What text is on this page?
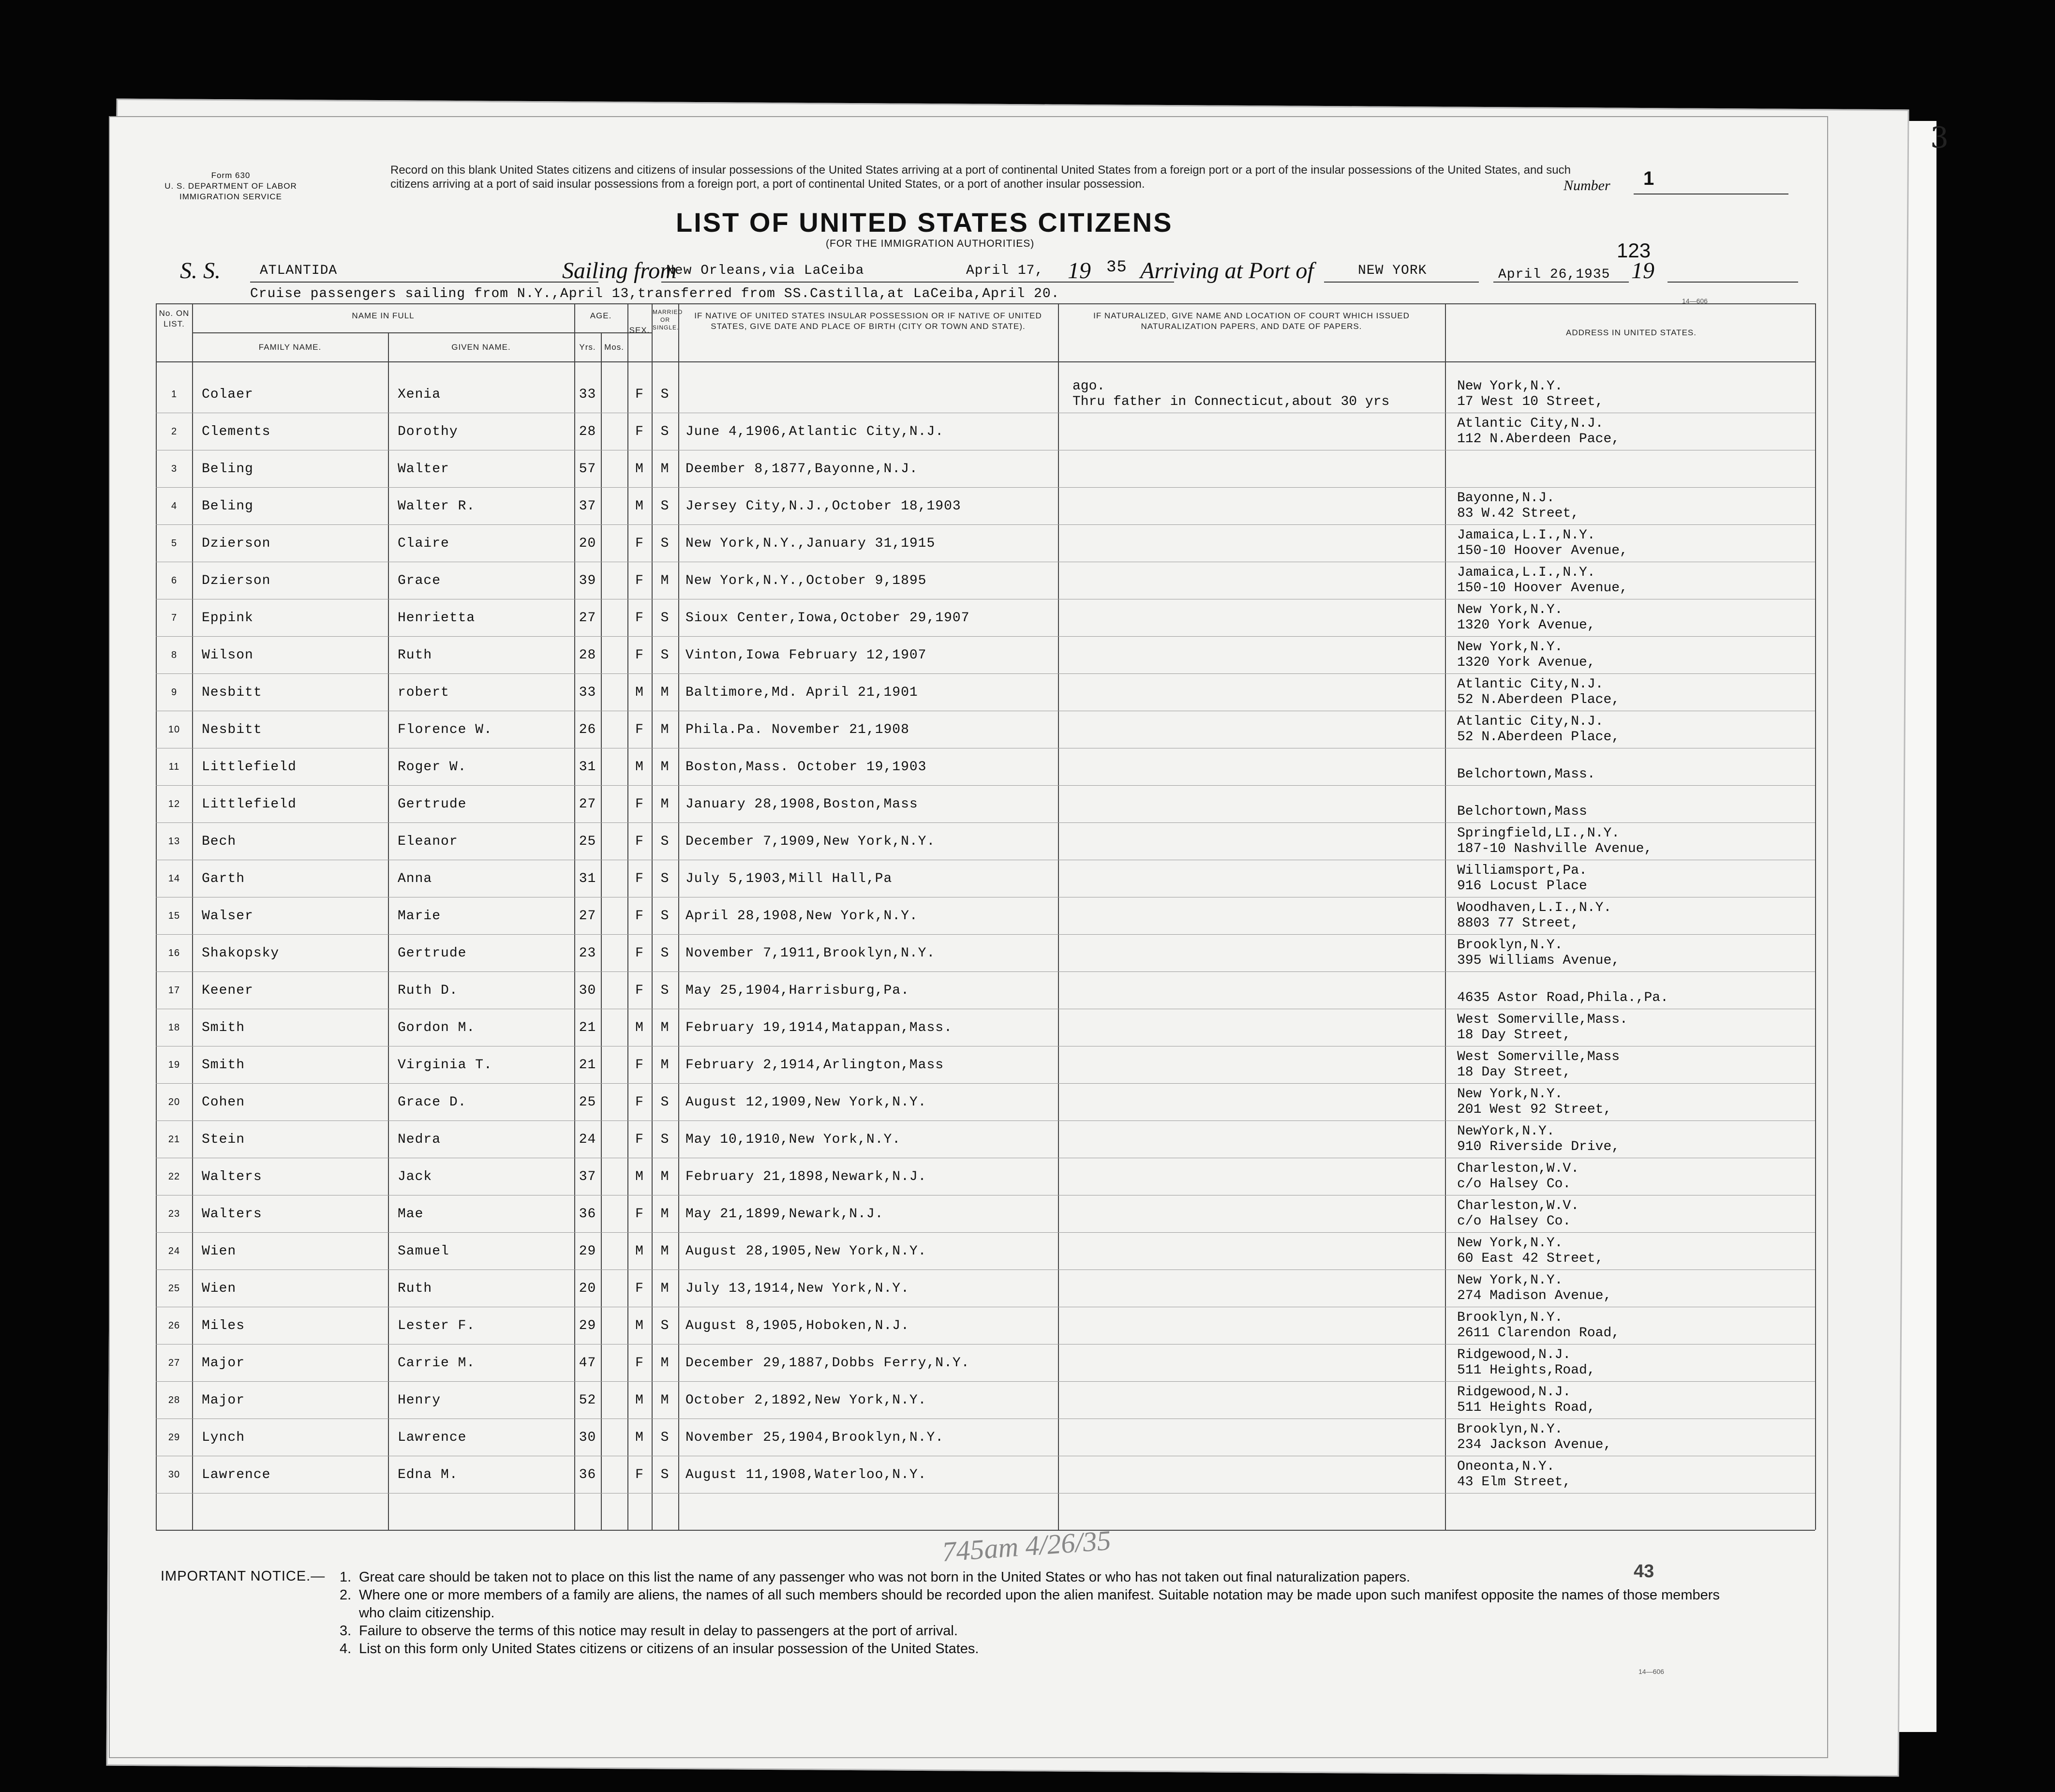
3
Form 630
U. S. DEPARTMENT OF LABOR
IMMIGRATION SERVICE
Record on this blank United States citizens and citizens of insular possessions of the United States arriving at a port of continental United States from a foreign port or a port of the insular possessions of the United States, and such citizens arriving at a port of said insular possessions from a foreign port, a port of continental United States, or a port of another insular possession.	Number 1
LIST OF UNITED STATES CITIZENS
(FOR THE IMMIGRATION AUTHORITIES)	123
S. S.	ATLANTIDA	Sailing from
New Orleans,via LaCeiba	April 17, 19 35 Arriving at Port of	NEW YORK	April 26,1935 19
Cruise passengers sailing from N.Y.,April 13,transferred from SS.Castilla,at LaCeiba,April 20.	14—606
No. ON LIST.
NAME IN FULL
FAMILY NAME.	GIVEN NAME.
AGE.
Yrs.	Mos.
SEX.
MARRIED OR SINGLE.
IF NATIVE OF UNITED STATES INSULAR POSSESSION OR IF NATIVE OF UNITED STATES, GIVE DATE AND PLACE OF BIRTH (CITY OR TOWN AND STATE).
IF NATURALIZED, GIVE NAME AND LOCATION OF COURT WHICH ISSUED NATURALIZATION PAPERS, AND DATE OF PAPERS.
ADDRESS IN UNITED STATES.
1	Colaer	Xenia	33	F	S
ago.
Thru father in Connecticut,about 30 yrs
New York,N.Y.
17 West 10 Street,
2	Clements	Dorothy	28	F	S	June 4,1906,Atlantic City,N.J.
Atlantic City,N.J.
112 N.Aberdeen Pace,
3	Beling	Walter	57	M	M	Deember 8,1877,Bayonne,N.J.
4	Beling	Walter R.	37	M	S	Jersey City,N.J.,October 18,1903
Bayonne,N.J.
83 W.42 Street,
5	Dzierson	Claire	20	F	S	New York,N.Y.,January 31,1915
Jamaica,L.I.,N.Y.
150-10 Hoover Avenue,
6	Dzierson	Grace	39	F	M	New York,N.Y.,October 9,1895
Jamaica,L.I.,N.Y.
150-10 Hoover Avenue,
7	Eppink	Henrietta	27	F	S	Sioux Center,Iowa,October 29,1907
New York,N.Y.
1320 York Avenue,
8	Wilson	Ruth	28	F	S	Vinton,Iowa February 12,1907
New York,N.Y.
1320 York Avenue,
9	Nesbitt	robert	33	M	M	Baltimore,Md. April 21,1901
Atlantic City,N.J.
52 N.Aberdeen Place,
10	Nesbitt	Florence W.	26	F	M	Phila.Pa. November 21,1908
Atlantic City,N.J.
52 N.Aberdeen Place,
11	Littlefield	Roger W.	31	M	M	Boston,Mass. October 19,1903	Belchortown,Mass.
12	Littlefield	Gertrude	27	F	M	January 28,1908,Boston,Mass	Belchortown,Mass
13	Bech	Eleanor	25	F	S	December 7,1909,New York,N.Y.
Springfield,LI.,N.Y.
187-10 Nashville Avenue,
14	Garth	Anna	31	F	S	July 5,1903,Mill Hall,Pa
Williamsport,Pa.
916 Locust Place
15	Walser	Marie	27	F	S	April 28,1908,New York,N.Y.
Woodhaven,L.I.,N.Y.
8803 77 Street,
16	Shakopsky	Gertrude	23	F	S	November 7,1911,Brooklyn,N.Y.
Brooklyn,N.Y.
395 Williams Avenue,
17	Keener	Ruth D.	30	F	S	May 25,1904,Harrisburg,Pa.	4635 Astor Road,Phila.,Pa.
18	Smith	Gordon M.	21	M	M	February 19,1914,Matappan,Mass.
West Somerville,Mass.
18 Day Street,
19	Smith	Virginia T.	21	F	M	February 2,1914,Arlington,Mass
West Somerville,Mass
18 Day Street,
20	Cohen	Grace D.	25	F	S	August 12,1909,New York,N.Y.
New York,N.Y.
201 West 92 Street,
21	Stein	Nedra	24	F	S	May 10,1910,New York,N.Y.
NewYork,N.Y.
910 Riverside Drive,
22	Walters	Jack	37	M	M	February 21,1898,Newark,N.J.
Charleston,W.V.
c/o Halsey Co.
23	Walters	Mae	36	F	M	May 21,1899,Newark,N.J.
Charleston,W.V.
c/o Halsey Co.
24	Wien	Samuel	29	M	M	August 28,1905,New York,N.Y.
New York,N.Y.
60 East 42 Street,
25	Wien	Ruth	20	F	M	July 13,1914,New York,N.Y.
New York,N.Y.
274 Madison Avenue,
26	Miles	Lester F.	29	M	S	August 8,1905,Hoboken,N.J.
Brooklyn,N.Y.
2611 Clarendon Road,
27	Major	Carrie M.	47	F	M	December 29,1887,Dobbs Ferry,N.Y.
Ridgewood,N.J.
511 Heights,Road,
28	Major	Henry	52	M	M	October 2,1892,New York,N.Y.
Ridgewood,N.J.
511 Heights Road,
29	Lynch	Lawrence	30	M	S	November 25,1904,Brooklyn,N.Y.
Brooklyn,N.Y.
234 Jackson Avenue,
30	Lawrence	Edna M.	36	F	S	August 11,1908,Waterloo,N.Y.
Oneonta,N.Y.
43 Elm Street,
745am 4/26/35
43
IMPORTANT NOTICE.— 1. Great care should be taken not to place on this list the name of any passenger who was not born in the United States or who has not taken out final naturalization papers.
2. Where one or more members of a family are aliens, the names of all such members should be recorded upon the alien manifest. Suitable notation may be made upon such manifest opposite the names of those members who claim citizenship.
3. Failure to observe the terms of this notice may result in delay to passengers at the port of arrival.
4. List on this form only United States citizens or citizens of an insular possession of the United States.
14—606
